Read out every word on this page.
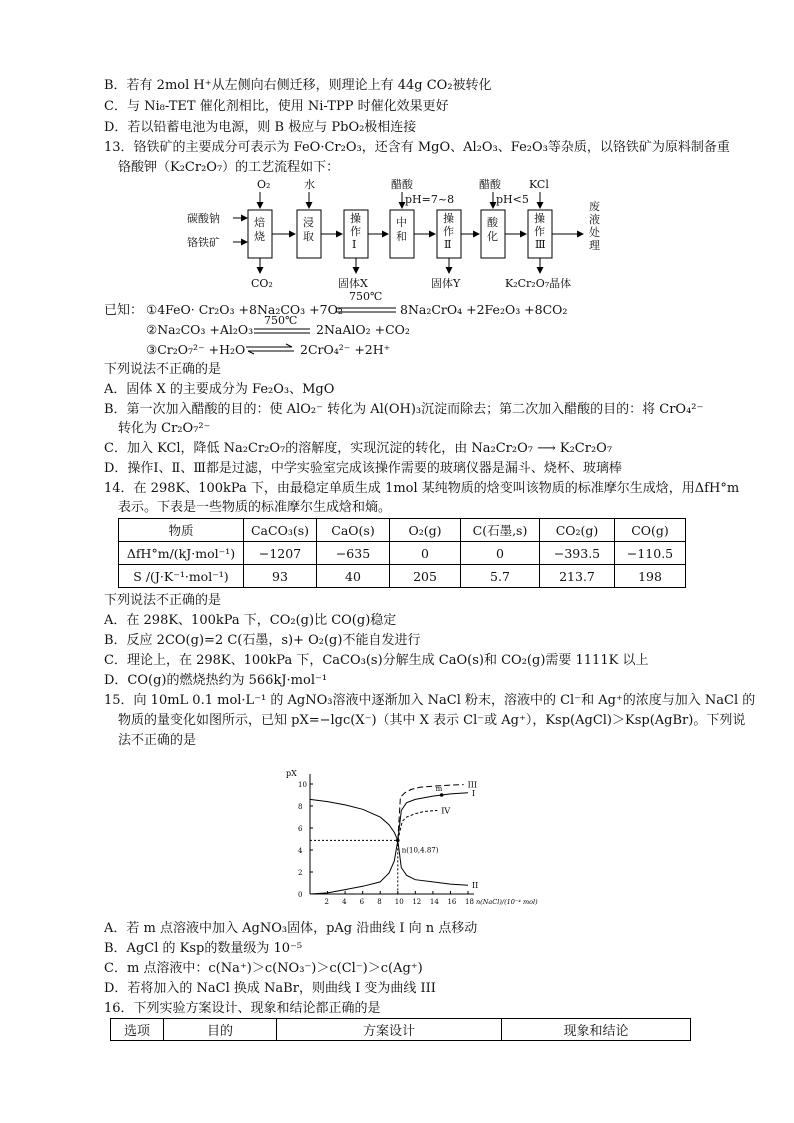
B．若有 2mol H⁺从左侧向右侧迁移，则理论上有 44g CO₂被转化
C．与 Ni₈-TET 催化剂相比，使用 Ni-TPP 时催化效果更好
D．若以铅蓄电池为电源，则 B 极应与 PbO₂极相连接
13．铬铁矿的主要成分可表示为 FeO·Cr₂O₃，还含有 MgO、Al₂O₃、Fe₂O₃等杂质，以铬铁矿为原料制备重
铬酸钾（K₂Cr₂O₇）的工艺流程如下：
O₂	水	醋酸
pH=7~8
醋酸
pH<5
KCl
碳酸钠
铬铁矿
焙烧
浸取
操作 Ⅰ
中和
操作 Ⅱ
酸化
操作 Ⅲ
CO₂	固体X	固体Y	K₂Cr₂O₇晶体
废液处理
已知： ①4FeO· Cr₂O₃ +8Na₂CO₃ +7O₂
750℃
8Na₂CrO₄ +2Fe₂O₃ +8CO₂
②Na₂CO₃ +Al₂O₃
750℃
2NaAlO₂ +CO₂
③Cr₂O₇²⁻ +H₂O ⇌ 2CrO₄²⁻ +2H⁺
下列说法不正确的是
A．固体 X 的主要成分为 Fe₂O₃、MgO
B．第一次加入醋酸的目的：使 AlO₂⁻ 转化为 Al(OH)₃沉淀而除去；第二次加入醋酸的目的：将 CrO₄²⁻
转化为 Cr₂O₇²⁻
C．加入 KCl，降低 Na₂Cr₂O₇的溶解度，实现沉淀的转化，由 Na₂Cr₂O₇ ⟶ K₂Cr₂O₇
D．操作Ⅰ、Ⅱ、Ⅲ都是过滤，中学实验室完成该操作需要的玻璃仪器是漏斗、烧杯、玻璃棒
14．在 298K、100kPa 下，由最稳定单质生成 1mol 某纯物质的焓变叫该物质的标准摩尔生成焓，用ΔfH°m
表示。下表是一些物质的标准摩尔生成焓和熵。
物质	CaCO₃(s)	CaO(s)	O₂(g)	C(石墨,s)	CO₂(g)	CO(g)
ΔfH°m/(kJ·mol⁻¹)	−1207	−635	0	0	−393.5	−110.5
S /(J·K⁻¹·mol⁻¹)	93	40	205	5.7	213.7	198
下列说法不正确的是
A．在 298K、100kPa 下，CO₂(g)比 CO(g)稳定
B．反应 2CO(g)=2 C(石墨，s)+ O₂(g)不能自发进行
C．理论上，在 298K、100kPa 下，CaCO₃(s)分解生成 CaO(s)和 CO₂(g)需要 1111K 以上
D．CO(g)的燃烧热约为 566kJ·mol⁻¹
15．向 10mL 0.1 mol·L⁻¹ 的 AgNO₃溶液中逐渐加入 NaCl 粉末，溶液中的 Cl⁻和 Ag⁺的浓度与加入 NaCl 的
物质的量变化如图所示，已知 pX=−lgc(X⁻)（其中 X 表示 Cl⁻或 Ag⁺），Ksp(AgCl)＞Ksp(AgBr)。下列说
法不正确的是
2 4 6 8 10 12 14 16 18
0
2
4
6
8
10
pX
n(NaCl)/(10⁻⁴ mol)
I
II
III
IV
n(10,4.87)
m
A．若 m 点溶液中加入 AgNO₃固体，pAg 沿曲线 I 向 n 点移动
B．AgCl 的 Ksp的数量级为 10⁻⁵
C．m 点溶液中：c(Na⁺)＞c(NO₃⁻)＞c(Cl⁻)＞c(Ag⁺)
D．若将加入的 NaCl 换成 NaBr，则曲线 I 变为曲线 III
16．下列实验方案设计、现象和结论都正确的是
选项	目的	方案设计	现象和结论
